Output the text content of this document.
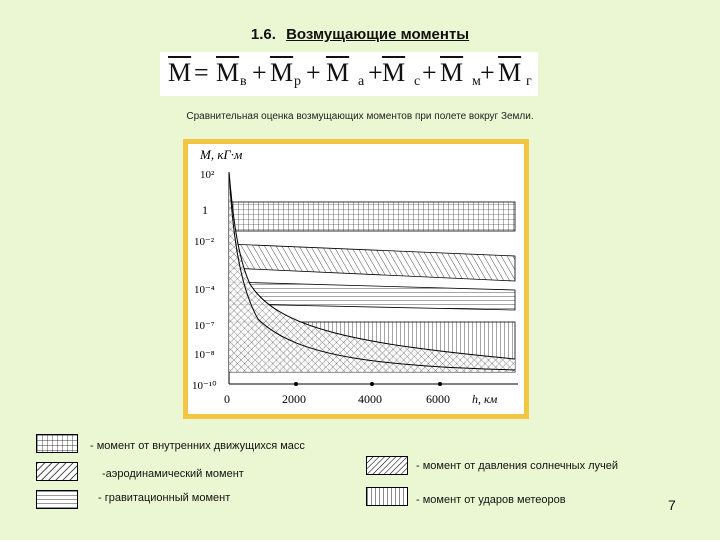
1.6. Возмущающие моменты
$\overline{M} = \overline{M}$ $в + \overline{M}$ $р + \overline{M}$ а $\overline{M}$
+ $с + \overline{M}$ $м + \overline{M}$ г
Сравнительная оценка возмущающих моментов при полете вокруг Земли.
M, кГ·м
10²
1
10⁻²
10⁻⁴
10⁻⁷
10⁻⁸
10⁻¹⁰
0	2000	4000	6000 h, км
- момент от внутренних движущихся масс
-аэродинамический момент
- гравитационный момент
- момент от давления солнечных лучей
- момент от ударов метеоров	7
